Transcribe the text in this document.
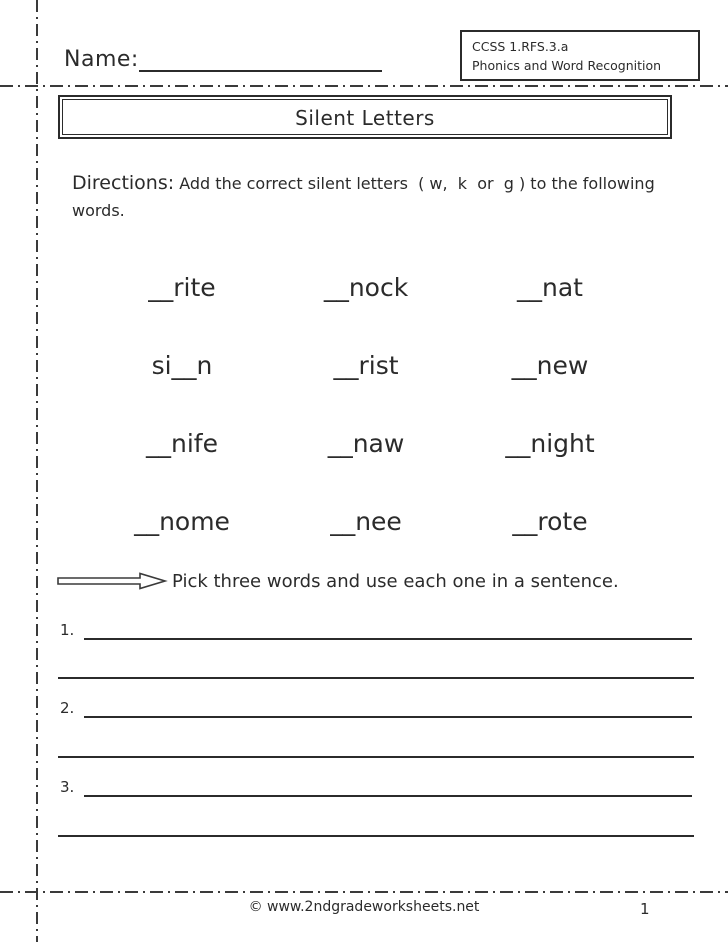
Name:
CCSS 1.RFS.3.a
Phonics and Word Recognition
Silent Letters
Directions: Add the correct silent letters  ( w,  k  or  g ) to the following words.
__rite	__nock	__nat
si__n	__rist	__new
__nife	__naw	__night
__nome	__nee	__rote
Pick three words and use each one in a sentence.
1.
2.
3.
© www.2ndgradeworksheets.net	1
